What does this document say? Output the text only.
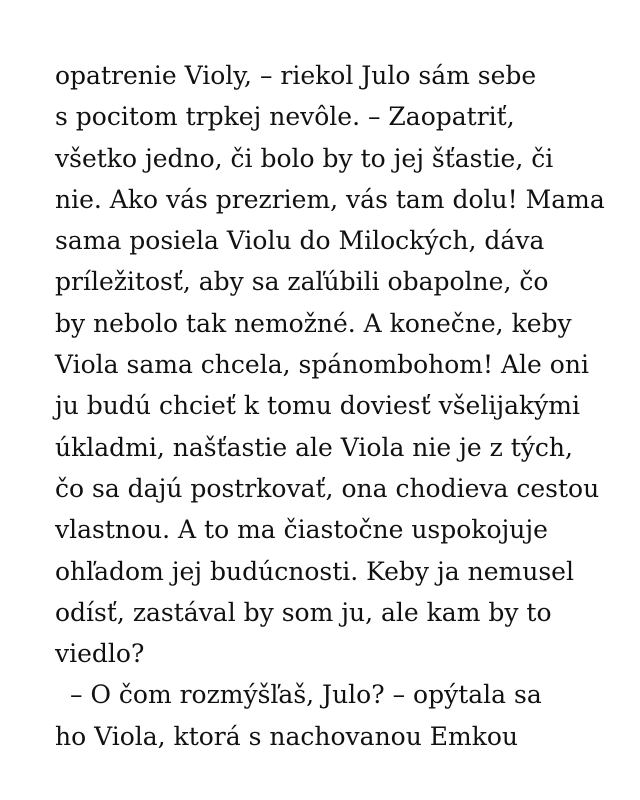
opatrenie Violy, – riekol Julo sám sebe
s pocitom trpkej nevôle. – Zaopatriť,
všetko jedno, či bolo by to jej šťastie, či
nie. Ako vás prezriem, vás tam dolu! Mama
sama posiela Violu do Milockých, dáva
príležitosť, aby sa zaľúbili obapolne, čo
by nebolo tak nemožné. A konečne, keby
Viola sama chcela, spánombohom! Ale oni
ju budú chcieť k tomu doviesť všelijakými
úkladmi, našťastie ale Viola nie je z tých,
čo sa dajú postrkovať, ona chodieva cestou
vlastnou. A to ma čiastočne uspokojuje
ohľadom jej budúcnosti. Keby ja nemusel
odísť, zastával by som ju, ale kam by to
viedlo?
– O čom rozmýšľaš, Julo? – opýtala sa
ho Viola, ktorá s nachovanou Emkou
